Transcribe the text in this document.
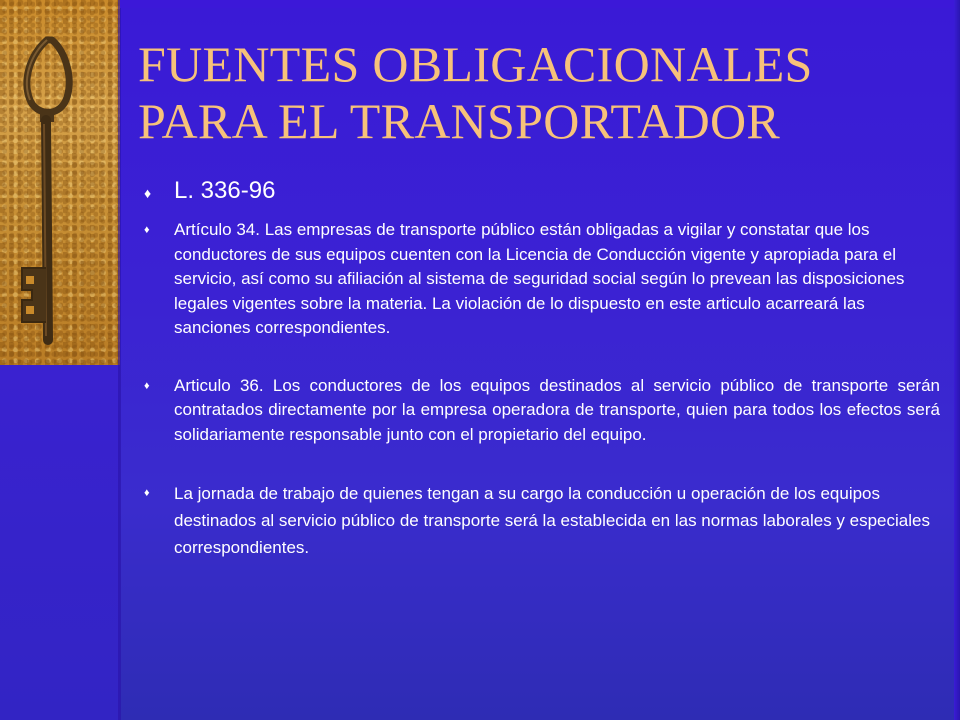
FUENTES OBLIGACIONALES PARA EL TRANSPORTADOR
♦ L. 336-96
♦ Artículo 34. Las empresas de transporte público están obligadas a vigilar y constatar que los conductores de sus equipos cuenten con la Licencia de Conducción vigente y apropiada para el servicio, así como su afiliación al sistema de seguridad social según lo prevean las disposiciones legales vigentes sobre la materia. La violación de lo dispuesto en este articulo acarreará las sanciones correspondientes.
♦ Articulo 36. Los conductores de los equipos destinados al servicio público de transporte serán contratados directamente por la empresa operadora de transporte, quien para todos los efectos será solidariamente responsable junto con el propietario del equipo.
♦ La jornada de trabajo de quienes tengan a su cargo la conducción u operación de los equipos destinados al servicio público de transporte será la establecida en las normas laborales y especiales correspondientes.
